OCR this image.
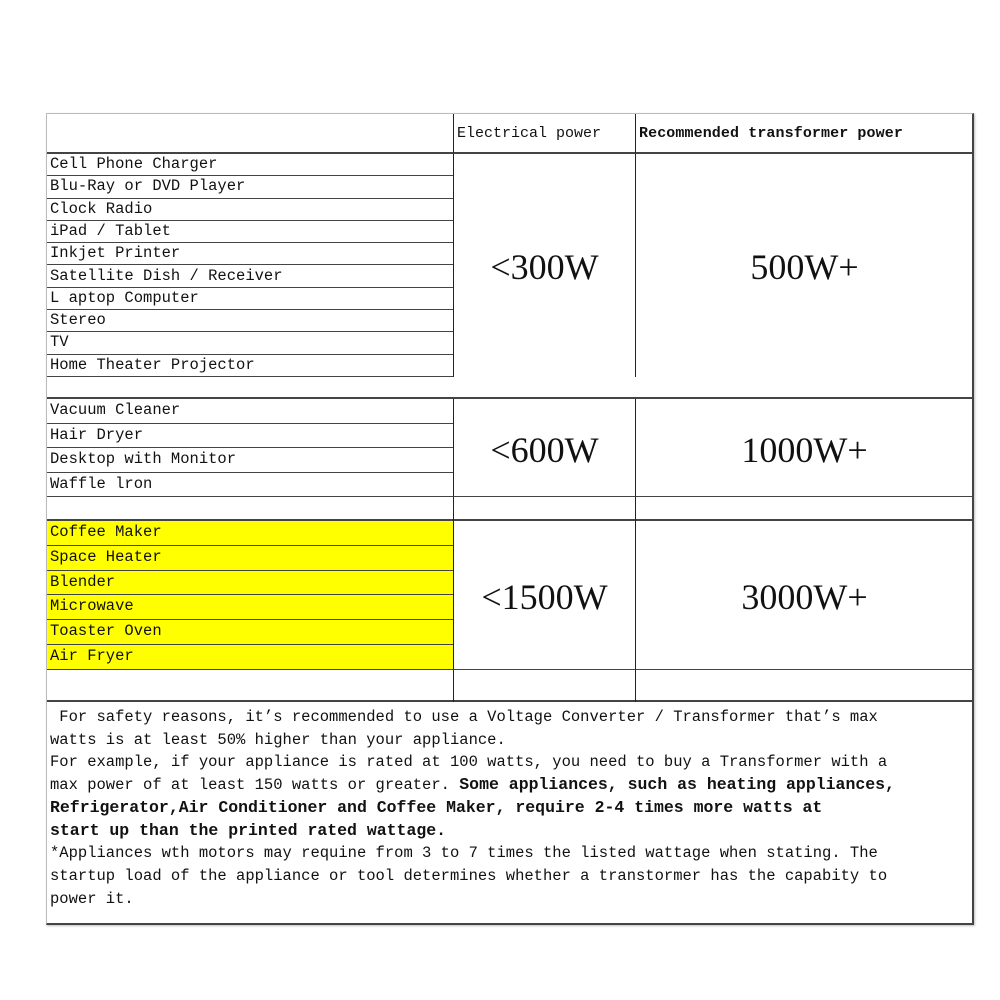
Electrical power	Recommended transformer power
Cell Phone Charger
Blu-Ray or DVD Player
Clock Radio
iPad / Tablet
Inkjet Printer
Satellite Dish / Receiver
L aptop Computer
Stereo
TV
Home Theater Projector
<300W	500W+
Vacuum Cleaner
Hair Dryer
Desktop with Monitor
Waffle lron
<600W	1000W+
Coffee Maker
Space Heater
Blender
Microwave
Toaster Oven
Air Fryer
<1500W	3000W+
For safety reasons, it’s recommended to use a Voltage Converter / Transformer that’s max
watts is at least 50% higher than your appliance.
For example, if your appliance is rated at 100 watts, you need to buy a Transformer with a
max power of at least 150 watts or greater. Some appliances, such as heating appliances,
Refrigerator,Air Conditioner and Coffee Maker, require 2-4 times more watts at
start up than the printed rated wattage.
*Appliances wth motors may requine from 3 to 7 times the listed wattage when stating. The
startup load of the appliance or tool determines whether a transtormer has the capabity to
power it.
